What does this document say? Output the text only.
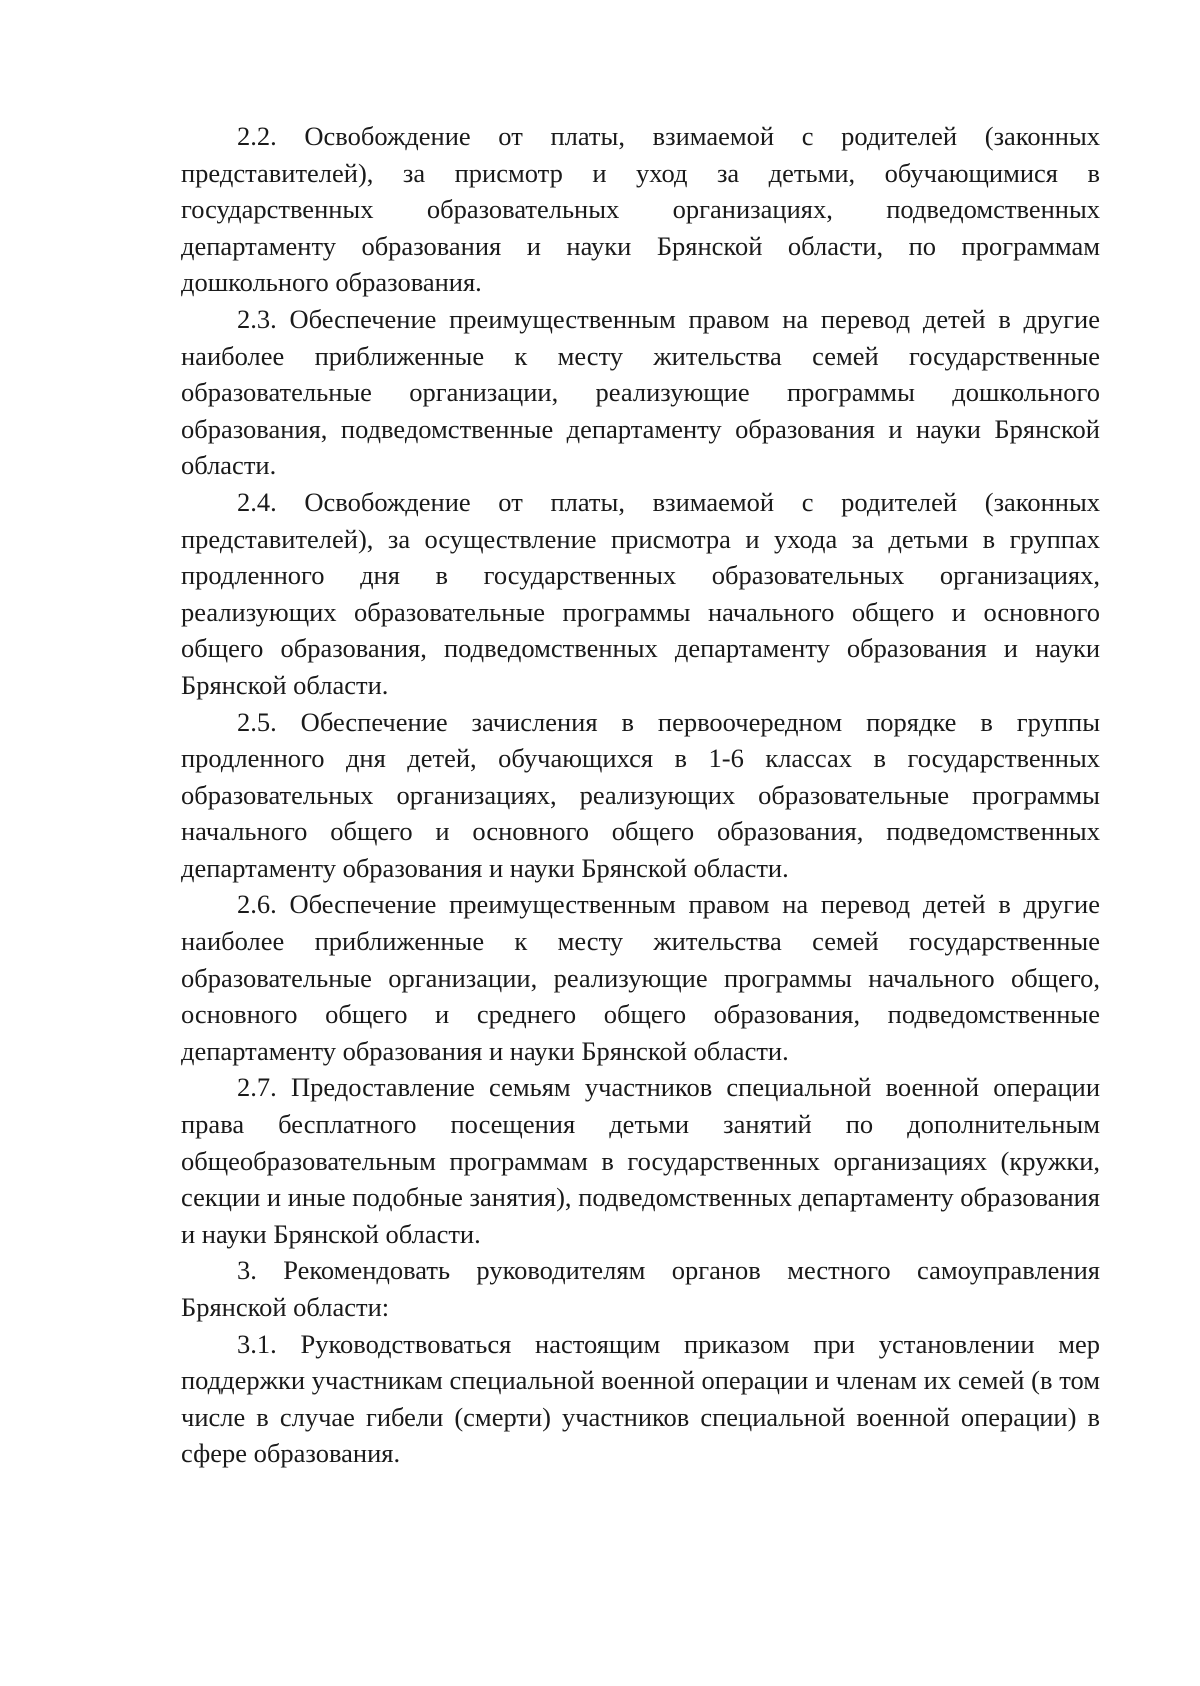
2.2. Освобождение от платы, взимаемой с родителей (законных представителей), за присмотр и уход за детьми, обучающимися в государственных образовательных организациях, подведомственных департаменту образования и науки Брянской области, по программам дошкольного образования.

2.3. Обеспечение преимущественным правом на перевод детей в другие наиболее приближенные к месту жительства семей государственные образовательные организации, реализующие программы дошкольного образования, подведомственные департаменту образования и науки Брянской области.

2.4. Освобождение от платы, взимаемой с родителей (законных представителей), за осуществление присмотра и ухода за детьми в группах продленного дня в государственных образовательных организациях, реализующих образовательные программы начального общего и основного общего образования, подведомственных департаменту образования и науки Брянской области.

2.5. Обеспечение зачисления в первоочередном порядке в группы продленного дня детей, обучающихся в 1-6 классах в государственных образовательных организациях, реализующих образовательные программы начального общего и основного общего образования, подведомственных департаменту образования и науки Брянской области.

2.6. Обеспечение преимущественным правом на перевод детей в другие наиболее приближенные к месту жительства семей государственные образовательные организации, реализующие программы начального общего, основного общего и среднего общего образования, подведомственные департаменту образования и науки Брянской области.

2.7. Предоставление семьям участников специальной военной операции права бесплатного посещения детьми занятий по дополнительным общеобразовательным программам в государственных организациях (кружки, секции и иные подобные занятия), подведомственных департаменту образования и науки Брянской области.

3. Рекомендовать руководителям органов местного самоуправления Брянской области:

3.1. Руководствоваться настоящим приказом при установлении мер поддержки участникам специальной военной операции и членам их семей (в том числе в случае гибели (смерти) участников специальной военной операции) в сфере образования.
